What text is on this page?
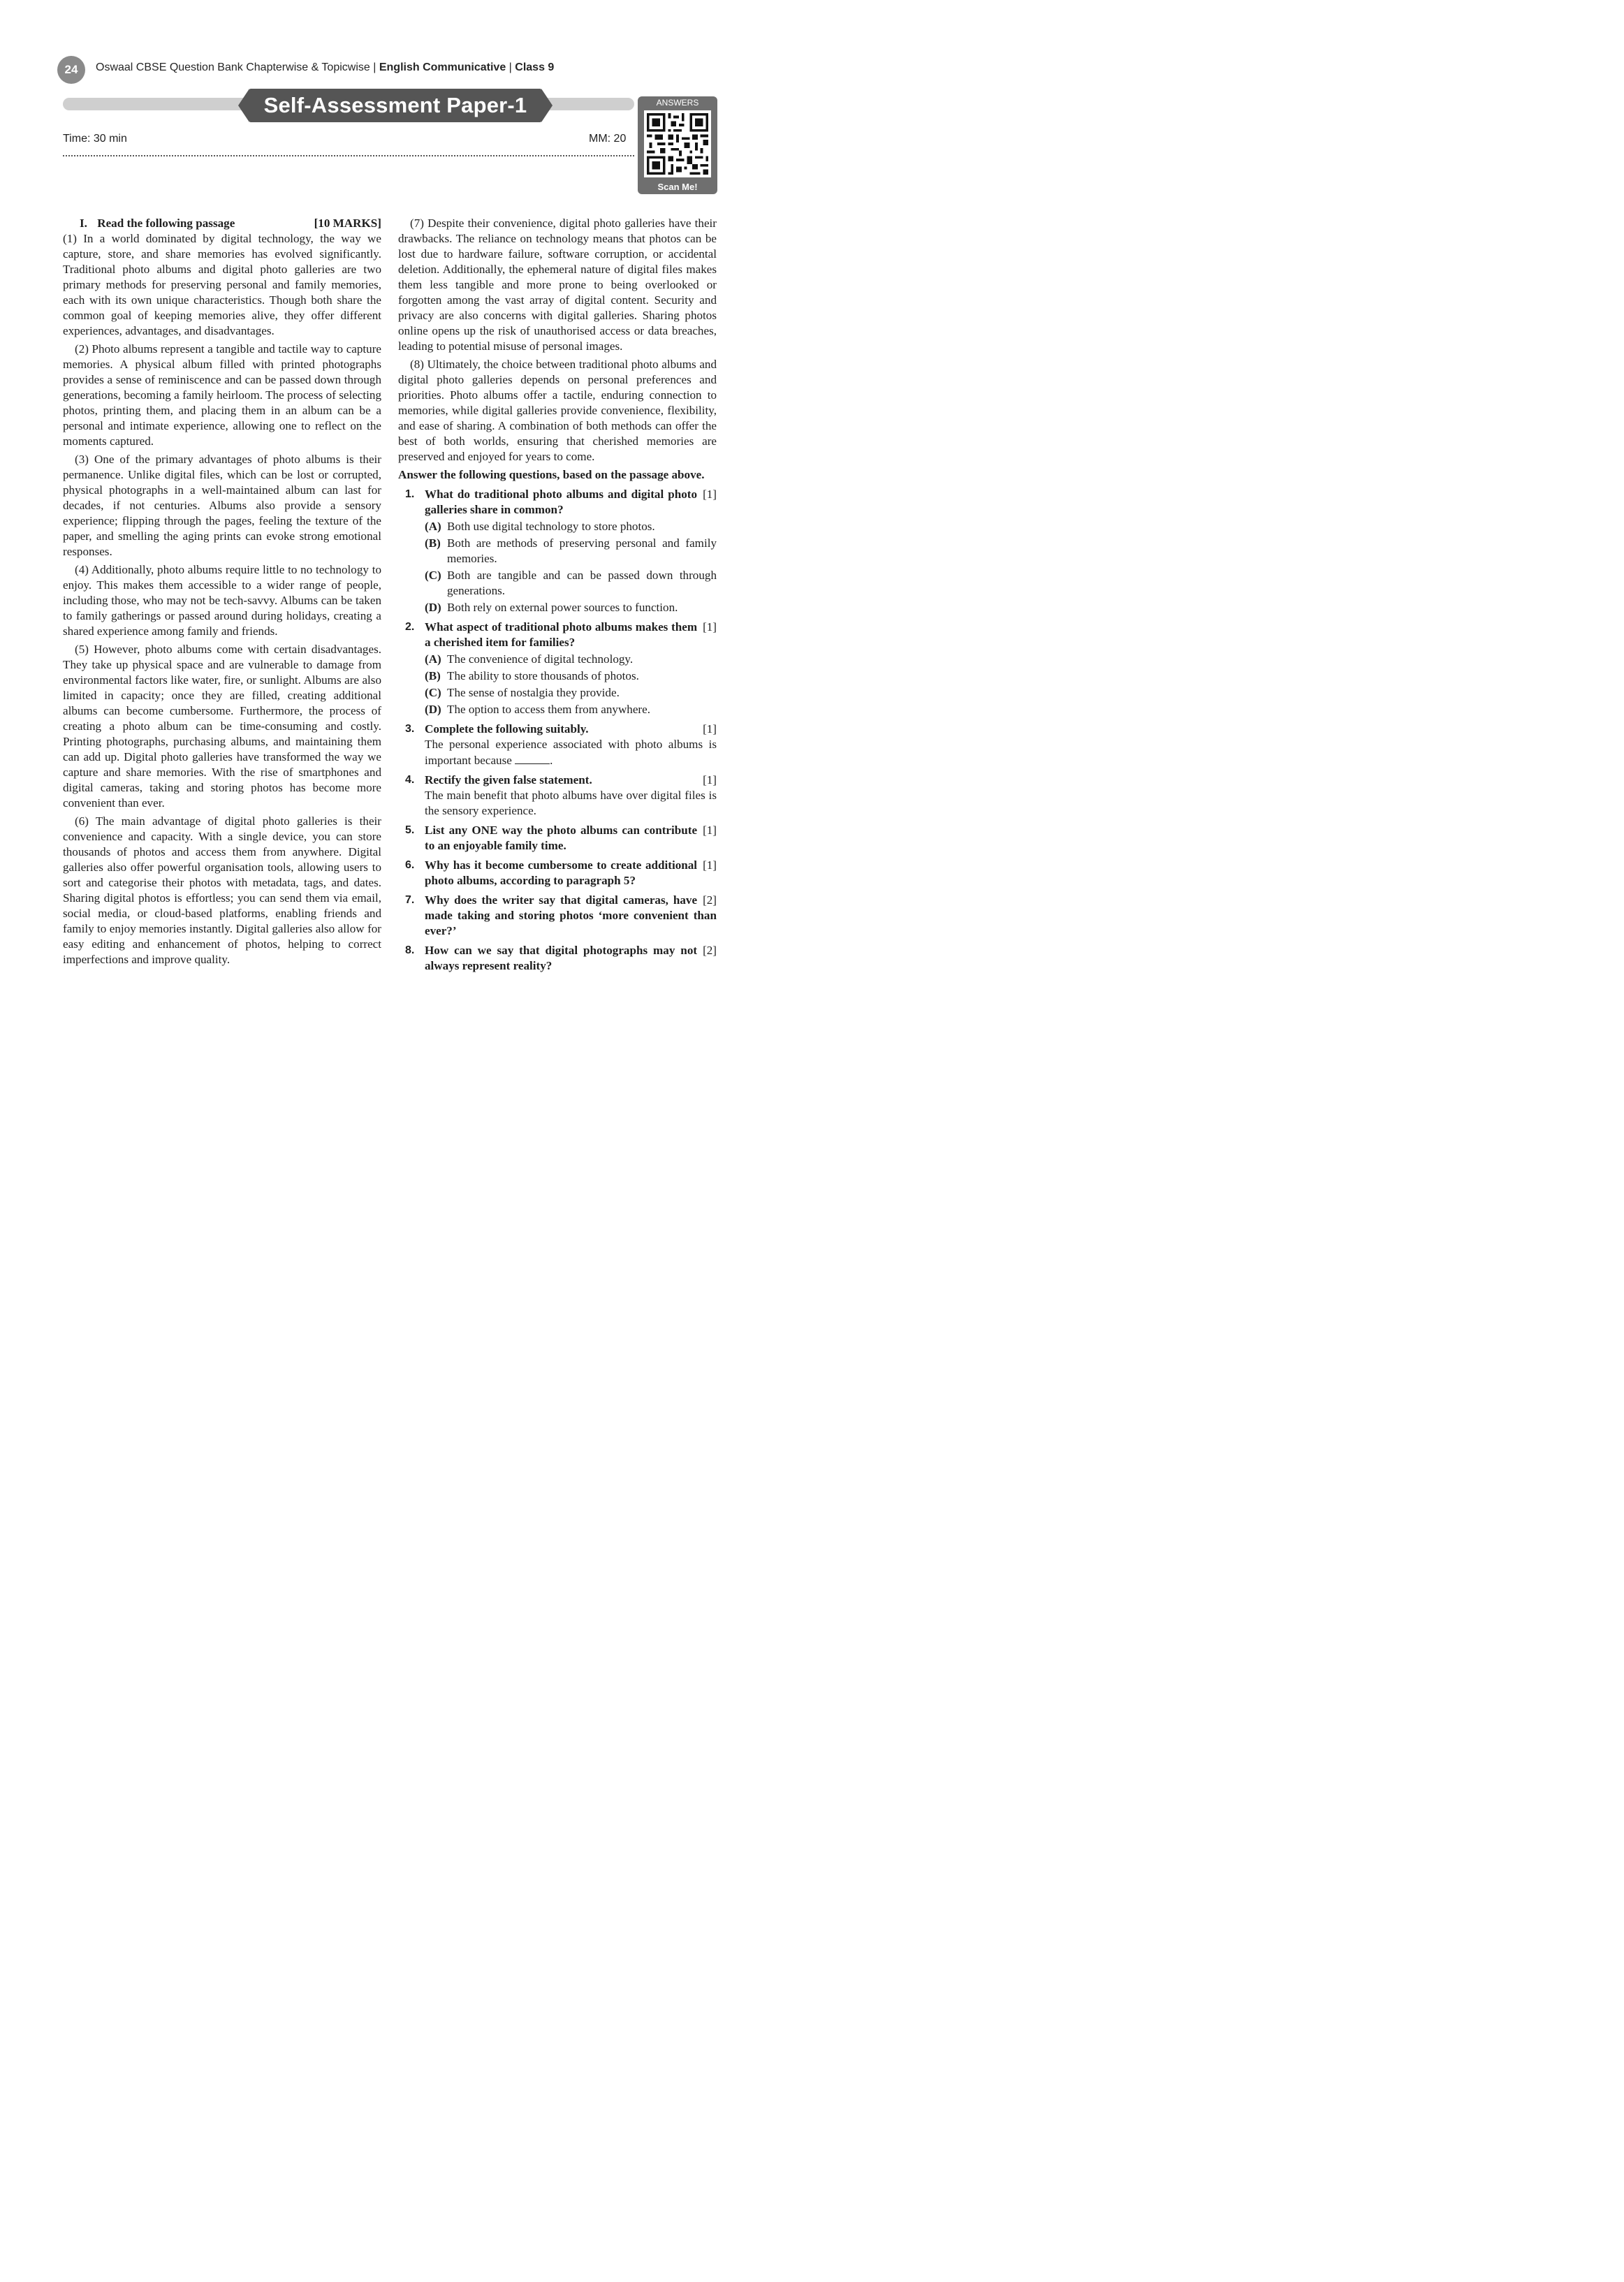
24	Oswaal CBSE Question Bank Chapterwise & Topicwise | English Communicative | Class 9
Self-Assessment Paper-1	ANSWERS
Scan Me!
Time: 30 min	MM: 20
I. Read the following passage	[10 MARKS]

(1) In a world dominated by digital technology, the way we capture, store, and share memories has evolved significantly. Traditional photo albums and digital photo galleries are two primary methods for preserving personal and family memories, each with its own unique characteristics. Though both share the common goal of keeping memories alive, they offer different experiences, advantages, and disadvantages.

(2) Photo albums represent a tangible and tactile way to capture memories. A physical album filled with printed photographs provides a sense of reminiscence and can be passed down through generations, becoming a family heirloom. The process of selecting photos, printing them, and placing them in an album can be a personal and intimate experience, allowing one to reflect on the moments captured.

(3) One of the primary advantages of photo albums is their permanence. Unlike digital files, which can be lost or corrupted, physical photographs in a well-maintained album can last for decades, if not centuries. Albums also provide a sensory experience; flipping through the pages, feeling the texture of the paper, and smelling the aging prints can evoke strong emotional responses.

(4) Additionally, photo albums require little to no technology to enjoy. This makes them accessible to a wider range of people, including those, who may not be tech-savvy. Albums can be taken to family gatherings or passed around during holidays, creating a shared experience among family and friends.

(5) However, photo albums come with certain disadvantages. They take up physical space and are vulnerable to damage from environmental factors like water, fire, or sunlight. Albums are also limited in capacity; once they are filled, creating additional albums can become cumbersome. Furthermore, the process of creating a photo album can be time-consuming and costly. Printing photographs, purchasing albums, and maintaining them can add up. Digital photo galleries have transformed the way we capture and share memories. With the rise of smartphones and digital cameras, taking and storing photos has become more convenient than ever.

(6) The main advantage of digital photo galleries is their convenience and capacity. With a single device, you can store thousands of photos and access them from anywhere. Digital galleries also offer powerful organisation tools, allowing users to sort and categorise their photos with metadata, tags, and dates. Sharing digital photos is effortless; you can send them via email, social media, or cloud-based platforms, enabling friends and family to enjoy memories instantly. Digital galleries also allow for easy editing and enhancement of photos, helping to correct imperfections and improve quality.

(7) Despite their convenience, digital photo galleries have their drawbacks. The reliance on technology means that photos can be lost due to hardware failure, software corruption, or accidental deletion. Additionally, the ephemeral nature of digital files makes them less tangible and more prone to being overlooked or forgotten among the vast array of digital content. Security and privacy are also concerns with digital galleries. Sharing photos online opens up the risk of unauthorised access or data breaches, leading to potential misuse of personal images.

(8) Ultimately, the choice between traditional photo albums and digital photo galleries depends on personal preferences and priorities. Photo albums offer a tactile, enduring connection to memories, while digital galleries provide convenience, flexibility, and ease of sharing. A combination of both methods can offer the best of both worlds, ensuring that cherished memories are preserved and enjoyed for years to come.

Answer the following questions, based on the passage above.
1.	[1]
What do traditional photo albums and digital photo galleries share in common?
(A) Both use digital technology to store photos.
(B) Both are methods of preserving personal and family memories.
(C) Both are tangible and can be passed down through generations.
(D) Both rely on external power sources to function.
2.	[1]
What aspect of traditional photo albums makes them a cherished item for families?
(A) The convenience of digital technology.
(B) The ability to store thousands of photos.
(C) The sense of nostalgia they provide.
(D) The option to access them from anywhere.
3.	[1]
Complete the following suitably.
The personal experience associated with photo albums is important because	.
4.	[1]
Rectify the given false statement.
The main benefit that photo albums have over digital files is the sensory experience.
5.	[1]
List any ONE way the photo albums can contribute to an enjoyable family time.
6.	[1]
Why has it become cumbersome to create additional photo albums, according to paragraph 5?
7.	[2]
Why does the writer say that digital cameras, have made taking and storing photos ‘more convenient than ever?’
8.	[2]
How can we say that digital photographs may not always represent reality?
